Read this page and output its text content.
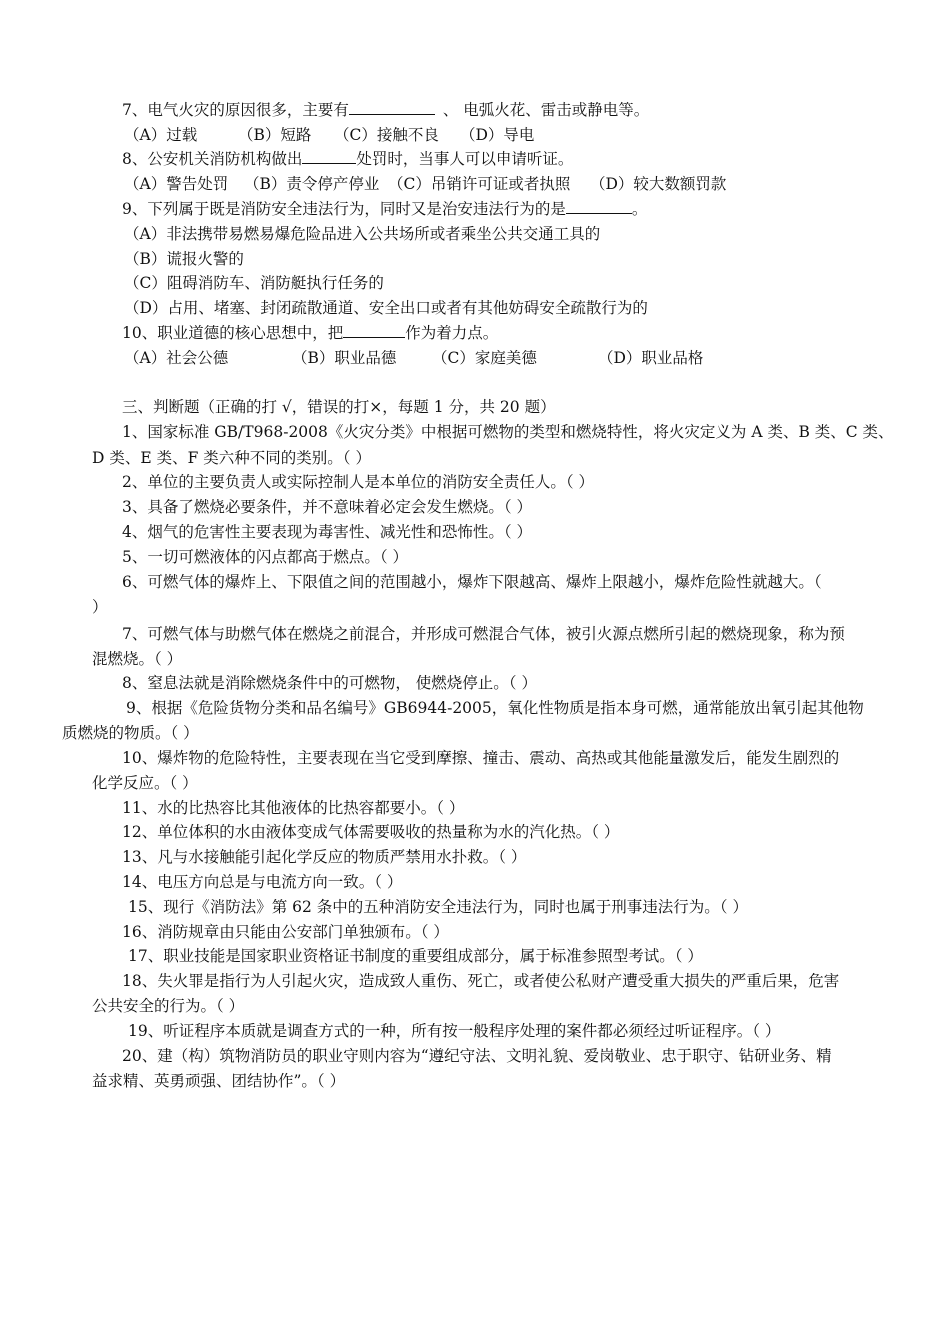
7、电气火灾的原因很多，主要有	、 电弧火花、雷击或静电等。
（A）过载	（B）短路 （C）接触不良 （D）导电
8、公安机关消防机构做出	处罚时，当事人可以申请听证。
（A）警告处罚 （B）责令停产停业 （C）吊销许可证或者执照 （D）较大数额罚款
9、下列属于既是消防安全违法行为，同时又是治安违法行为的是	。
（A）非法携带易燃易爆危险品进入公共场所或者乘坐公共交通工具的
（B）谎报火警的
（C）阻碍消防车、消防艇执行任务的
（D）占用、堵塞、封闭疏散通道、安全出口或者有其他妨碍安全疏散行为的
10、职业道德的核心思想中，把	作为着力点。
（A）社会公德	（B）职业品德 （C）家庭美德	（D）职业品格
三、判断题（正确的打 √，错误的打×，每题 1 分，共 20 题）
1、国家标准 GB/T968-2008《火灾分类》中根据可燃物的类型和燃烧特性，将火灾定义为 A 类、B 类、C 类、
D 类、E 类、F 类六种不同的类别。（ ）
2、单位的主要负责人或实际控制人是本单位的消防安全责任人。（ ）
3、具备了燃烧必要条件，并不意味着必定会发生燃烧。（ ）
4、烟气的危害性主要表现为毒害性、减光性和恐怖性。（ ）
5、一切可燃液体的闪点都高于燃点。（ ）
6、可燃气体的爆炸上、下限值之间的范围越小，爆炸下限越高、爆炸上限越小，爆炸危险性就越大。（
）
7、可燃气体与助燃气体在燃烧之前混合，并形成可燃混合气体，被引火源点燃所引起的燃烧现象，称为预
混燃烧。（ ）
8、窒息法就是消除燃烧条件中的可燃物， 使燃烧停止。（ ）
9、根据《危险货物分类和品名编号》GB6944-2005，氧化性物质是指本身可燃，通常能放出氧引起其他物
质燃烧的物质。（ ）
10、爆炸物的危险特性，主要表现在当它受到摩擦、撞击、震动、高热或其他能量激发后，能发生剧烈的
化学反应。（ ）
11、水的比热容比其他液体的比热容都要小。（ ）
12、单位体积的水由液体变成气体需要吸收的热量称为水的汽化热。（ ）
13、凡与水接触能引起化学反应的物质严禁用水扑救。（ ）
14、电压方向总是与电流方向一致。（ ）
15、现行《消防法》第 62 条中的五种消防安全违法行为，同时也属于刑事违法行为。（ ）
16、消防规章由只能由公安部门单独颁布。（ ）
17、职业技能是国家职业资格证书制度的重要组成部分，属于标准参照型考试。（ ）
18、失火罪是指行为人引起火灾，造成致人重伤、死亡，或者使公私财产遭受重大损失的严重后果，危害
公共安全的行为。（ ）
19、听证程序本质就是调查方式的一种，所有按一般程序处理的案件都必须经过听证程序。（ ）
20、建（构）筑物消防员的职业守则内容为“遵纪守法、文明礼貌、爱岗敬业、忠于职守、钻研业务、精
益求精、英勇顽强、团结协作”。（ ）
